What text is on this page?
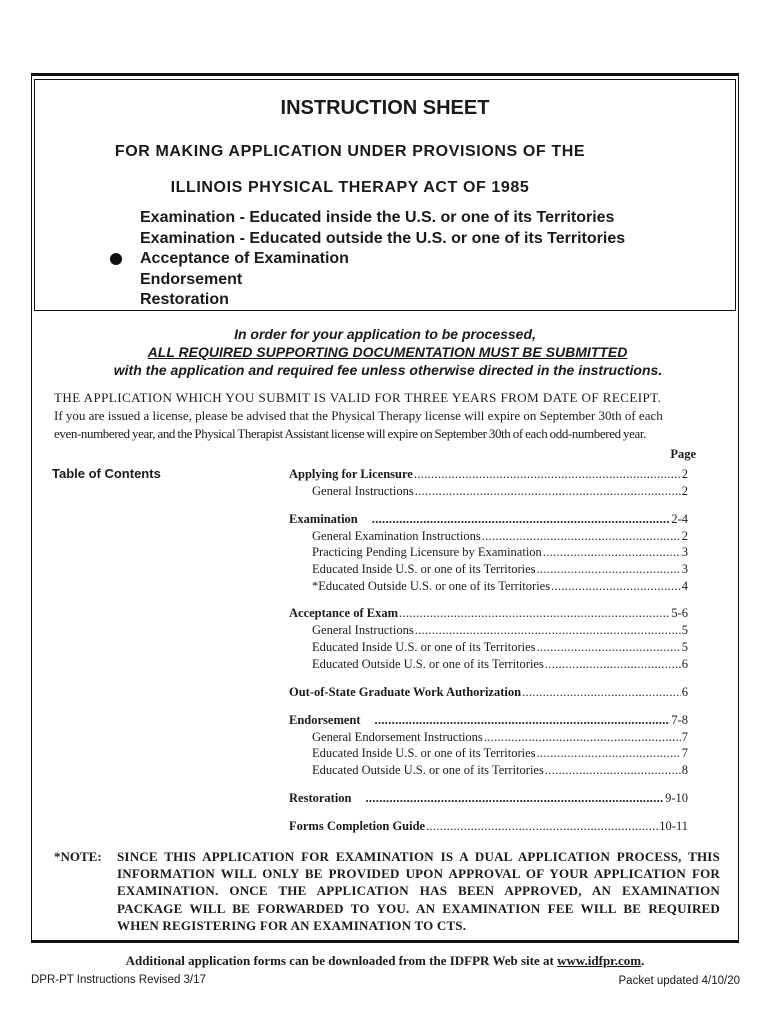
INSTRUCTION SHEET
FOR MAKING APPLICATION UNDER PROVISIONS OF THE
ILLINOIS PHYSICAL THERAPY ACT OF 1985
Examination - Educated inside the U.S. or one of its Territories
Examination - Educated outside the U.S. or one of its Territories
Acceptance of Examination
Endorsement
Restoration
In order for your application to be processed,
ALL REQUIRED SUPPORTING DOCUMENTATION MUST BE SUBMITTED
with the application and required fee unless otherwise directed in the instructions.
THE APPLICATION WHICH YOU SUBMIT IS VALID FOR THREE YEARS FROM DATE OF RECEIPT.
If you are issued a license, please be advised that the Physical Therapy license will expire on September 30th of each
even-numbered year, and the Physical Therapist Assistant license will expire on September 30th of each odd-numbered year.
Table of Contents
Page
Applying for Licensure .....	2
General Instructions .....	2
Examination .....	2-4
General Examination Instructions .....	2
Practicing Pending Licensure by Examination .....	3
Educated Inside U.S. or one of its Territories .....	3
*Educated Outside U.S. or one of its Territories .....	4
Acceptance of Exam .....	5-6
General Instructions .....	5
Educated Inside U.S. or one of its Territories .....	5
Educated Outside U.S. or one of its Territories .....	6
Out-of-State Graduate Work Authorization .....	6
Endorsement .....	7-8
General Endorsement Instructions .....	7
Educated Inside U.S. or one of its Territories .....	7
Educated Outside U.S. or one of its Territories .....	8
Restoration .....	9-10
Forms Completion Guide .....	10-11
*NOTE: SINCE THIS APPLICATION FOR EXAMINATION IS A DUAL APPLICATION PROCESS, THIS INFORMATION WILL ONLY BE PROVIDED UPON APPROVAL OF YOUR APPLICATION FOR EXAMINATION. ONCE THE APPLICATION HAS BEEN APPROVED, AN EXAMINATION PACKAGE WILL BE FORWARDED TO YOU. AN EXAMINATION FEE WILL BE REQUIRED WHEN REGISTERING FOR AN EXAMINATION TO CTS.
Additional application forms can be downloaded from the IDFPR Web site at www.idfpr.com.
DPR-PT Instructions Revised 3/17	Packet updated 4/10/20
